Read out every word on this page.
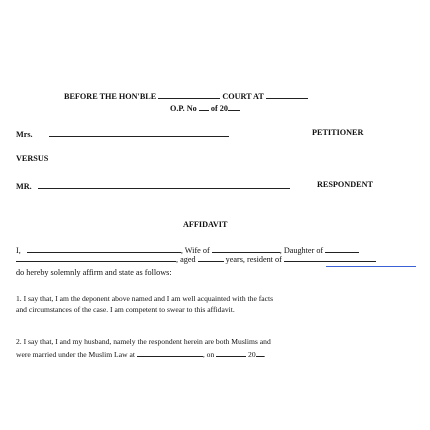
BEFORE THE HON'BLE	COURT AT
O.P. No of 20
Mrs.	PETITIONER
VERSUS
MR.	RESPONDENT
AFFIDAVIT
I,	, Wife of	, Daughter of
, aged	years, resident of
do hereby solemnly affirm and state as follows:
1. I say that, I am the deponent above named and I am well acquainted with the facts
and circumstances of the case. I am competent to swear to this affidavit.
2. I say that, I and my husband, namely the respondent herein are both Muslims and
were married under the Muslim Law at	, on	20 .
